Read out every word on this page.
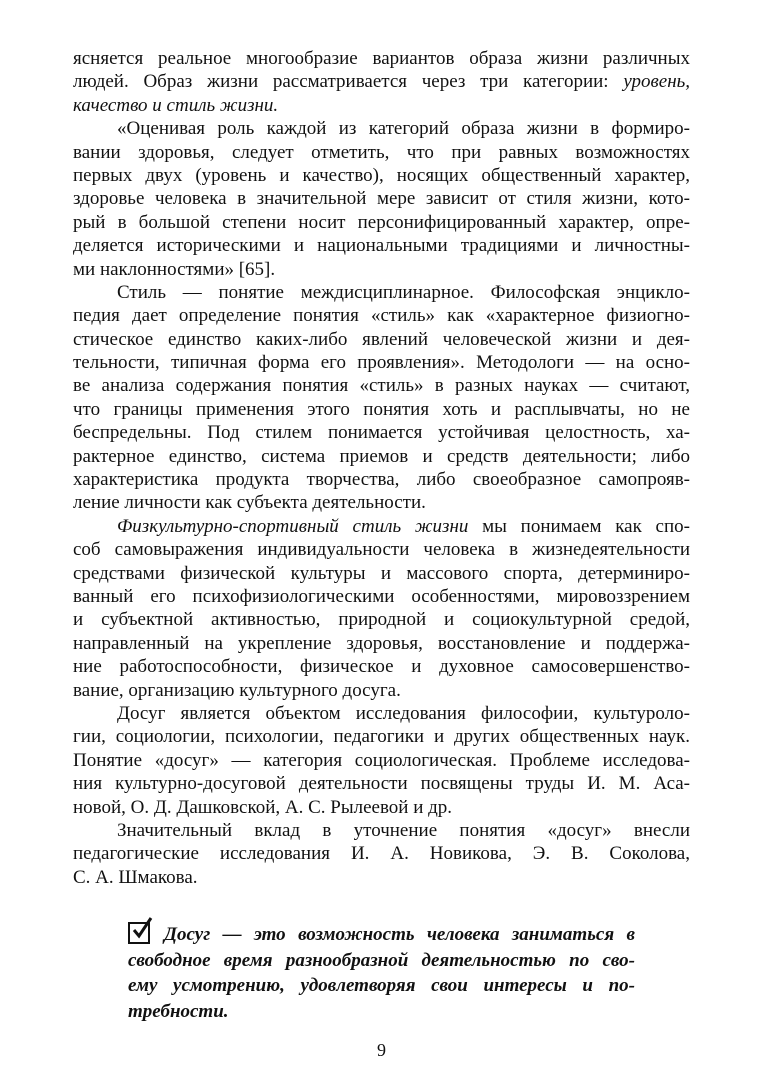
ясняется реальное многообразие вариантов образа жизни различных
людей. Образ жизни рассматривается через три категории: уровень,
качество и стиль жизни.
«Оценивая роль каждой из категорий образа жизни в формиро-
вании здоровья, следует отметить, что при равных возможностях
первых двух (уровень и качество), носящих общественный характер,
здоровье человека в значительной мере зависит от стиля жизни, кото-
рый в большой степени носит персонифицированный характер, опре-
деляется историческими и национальными традициями и личностны-
ми наклонностями» [65].
Стиль — понятие междисциплинарное. Философская энцикло-
педия дает определение понятия «стиль» как «характерное физиогно-
стическое единство каких-либо явлений человеческой жизни и дея-
тельности, типичная форма его проявления». Методологи — на осно-
ве анализа содержания понятия «стиль» в разных науках — считают,
что границы применения этого понятия хоть и расплывчаты, но не
беспредельны. Под стилем понимается устойчивая целостность, ха-
рактерное единство, система приемов и средств деятельности; либо
характеристика продукта творчества, либо своеобразное самопрояв-
ление личности как субъекта деятельности.
Физкультурно-спортивный стиль жизни мы понимаем как спо-
соб самовыражения индивидуальности человека в жизнедеятельности
средствами физической культуры и массового спорта, детерминиро-
ванный его психофизиологическими особенностями, мировоззрением
и субъектной активностью, природной и социокультурной средой,
направленный на укрепление здоровья, восстановление и поддержа-
ние работоспособности, физическое и духовное самосовершенство-
вание, организацию культурного досуга.
Досуг является объектом исследования философии, культуроло-
гии, социологии, психологии, педагогики и других общественных наук.
Понятие «досуг» — категория социологическая. Проблеме исследова-
ния культурно-досуговой деятельности посвящены труды И. М. Аса-
новой, О. Д. Дашковской, А. С. Рылеевой и др.
Значительный вклад в уточнение понятия «досуг» внесли
педагогические исследования И. А. Новикова, Э. В. Соколова,
С. А. Шмакова.
Досуг — это возможность человека заниматься в
свободное время разнообразной деятельностью по сво-
ему усмотрению, удовлетворяя свои интересы и по-
требности.
9
